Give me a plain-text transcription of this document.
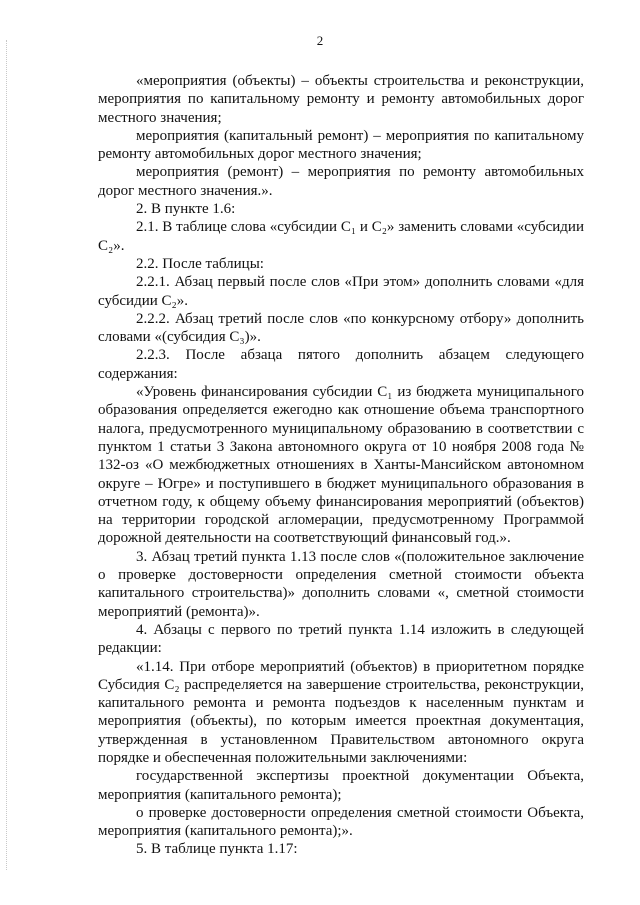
2

«мероприятия (объекты) – объекты строительства и реконструкции, мероприятия по капитальному ремонту и ремонту автомобильных дорог местного значения;

мероприятия (капитальный ремонт) – мероприятия по капитальному ремонту автомобильных дорог местного значения;

мероприятия (ремонт) – мероприятия по ремонту автомобильных дорог местного значения.».

2. В пункте 1.6:

2.1. В таблице слова «субсидии C₁ и C₂» заменить словами «субсидии C₂».

2.2. После таблицы:

2.2.1. Абзац первый после слов «При этом» дополнить словами «для субсидии C₂».

2.2.2. Абзац третий после слов «по конкурсному отбору» дополнить словами «(субсидия C₃)».

2.2.3. После абзаца пятого дополнить абзацем следующего содержания:

«Уровень финансирования субсидии C₁ из бюджета муниципального образования определяется ежегодно как отношение объема транспортного налога, предусмотренного муниципальному образованию в соответствии с пунктом 1 статьи 3 Закона автономного округа от 10 ноября 2008 года № 132-оз «О межбюджетных отношениях в Ханты-Мансийском автономном округе – Югре» и поступившего в бюджет муниципального образования в отчетном году, к общему объему финансирования мероприятий (объектов) на территории городской агломерации, предусмотренному Программой дорожной деятельности на соответствующий финансовый год.».

3. Абзац третий пункта 1.13 после слов «(положительное заключение о проверке достоверности определения сметной стоимости объекта капитального строительства)» дополнить словами «, сметной стоимости мероприятий (ремонта)».

4. Абзацы с первого по третий пункта 1.14 изложить в следующей редакции:

«1.14. При отборе мероприятий (объектов) в приоритетном порядке Субсидия C₂ распределяется на завершение строительства, реконструкции, капитального ремонта и ремонта подъездов к населенным пунктам и мероприятия (объекты), по которым имеется проектная документация, утвержденная в установленном Правительством автономного округа порядке и обеспеченная положительными заключениями:

государственной экспертизы проектной документации Объекта, мероприятия (капитального ремонта);

о проверке достоверности определения сметной стоимости Объекта, мероприятия (капитального ремонта);».

5. В таблице пункта 1.17:
